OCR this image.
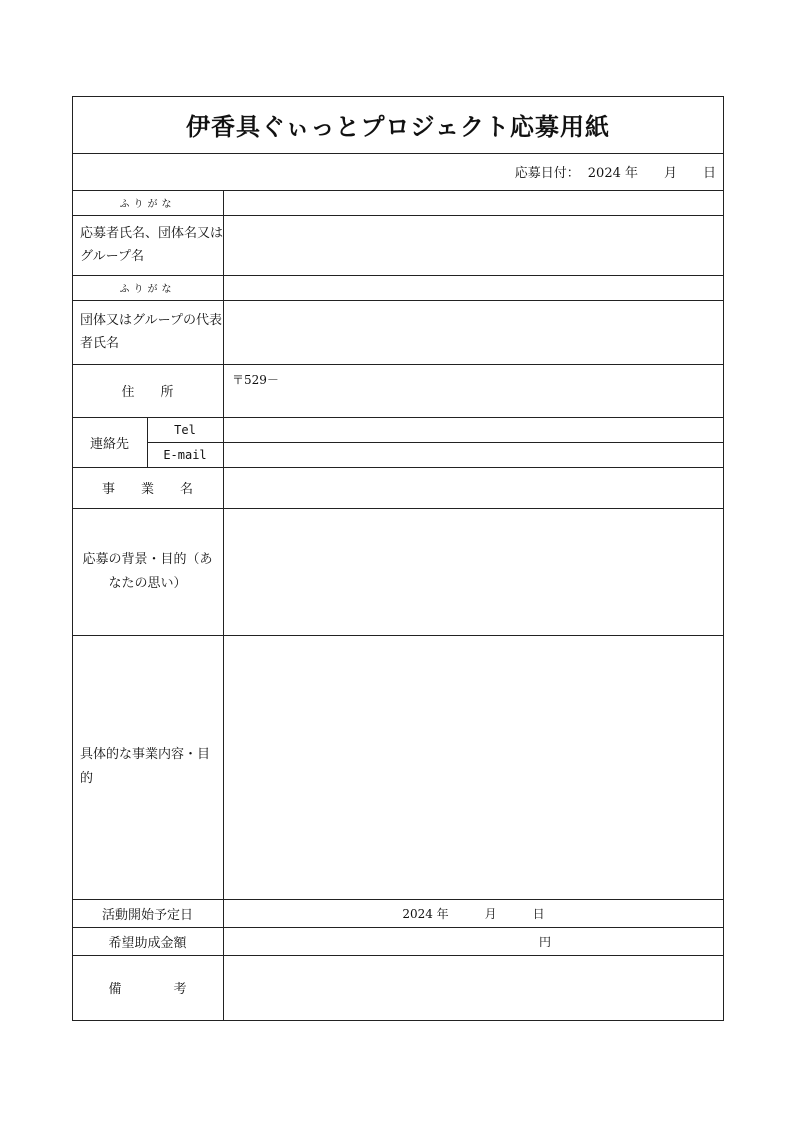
伊香具ぐぃっとプロジェクト応募用紙
応募日付： 2024 年　　月　　日
ふりがな
応募者氏名、団体名又はグループ名
ふりがな
団体又はグループの代表者氏名
住　　所
〒529－
連絡先
Tel
E-mail
事　　業　　名
応募の背景・目的（あなたの思い）
具体的な事業内容・目的
活動開始予定日	2024 年　　　月　　　日
希望助成金額	円
備　　　　考
